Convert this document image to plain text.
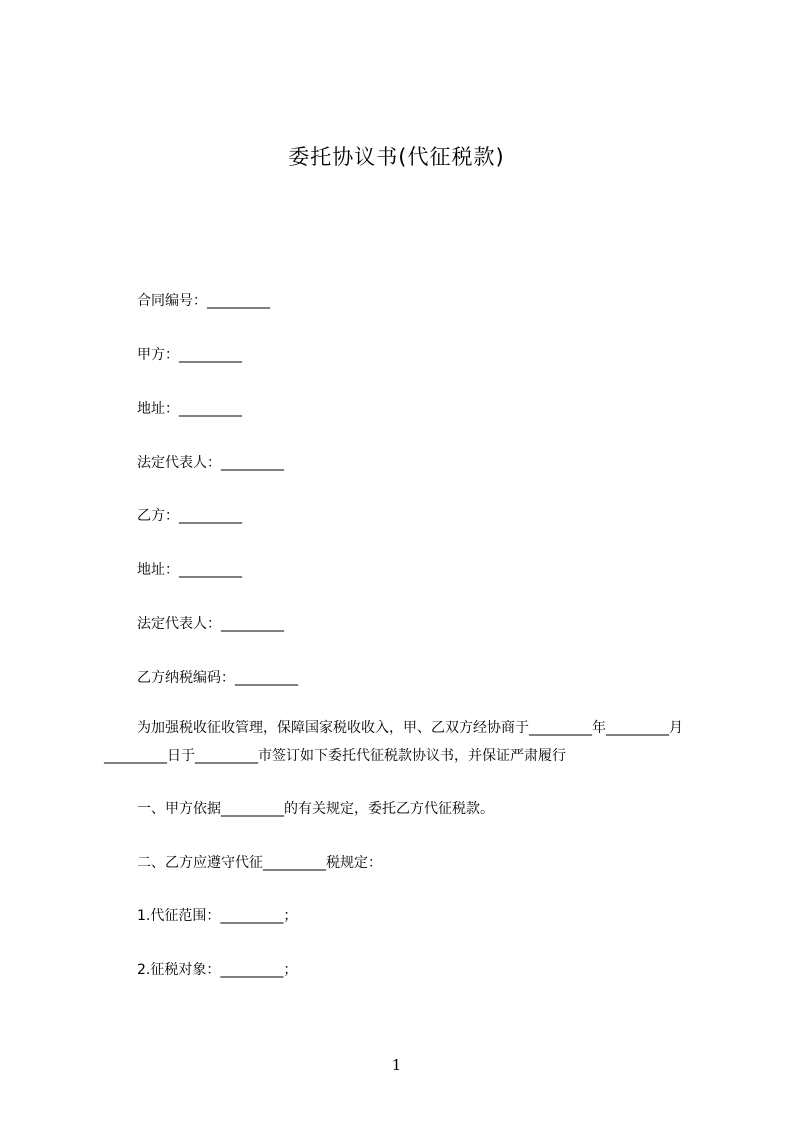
委托协议书(代征税款)
合同编号：_________
甲方：_________
地址：_________
法定代表人：_________
乙方：_________
地址：_________
法定代表人：_________
乙方纳税编码：_________
为加强税收征收管理，保障国家税收收入，甲、乙双方经协商于_________年_________月_________日于_________市签订如下委托代征税款协议书，并保证严肃履行
一、甲方依据_________的有关规定，委托乙方代征税款。
二、乙方应遵守代征_________税规定：
1.代征范围：_________；
2.征税对象：_________；
1
